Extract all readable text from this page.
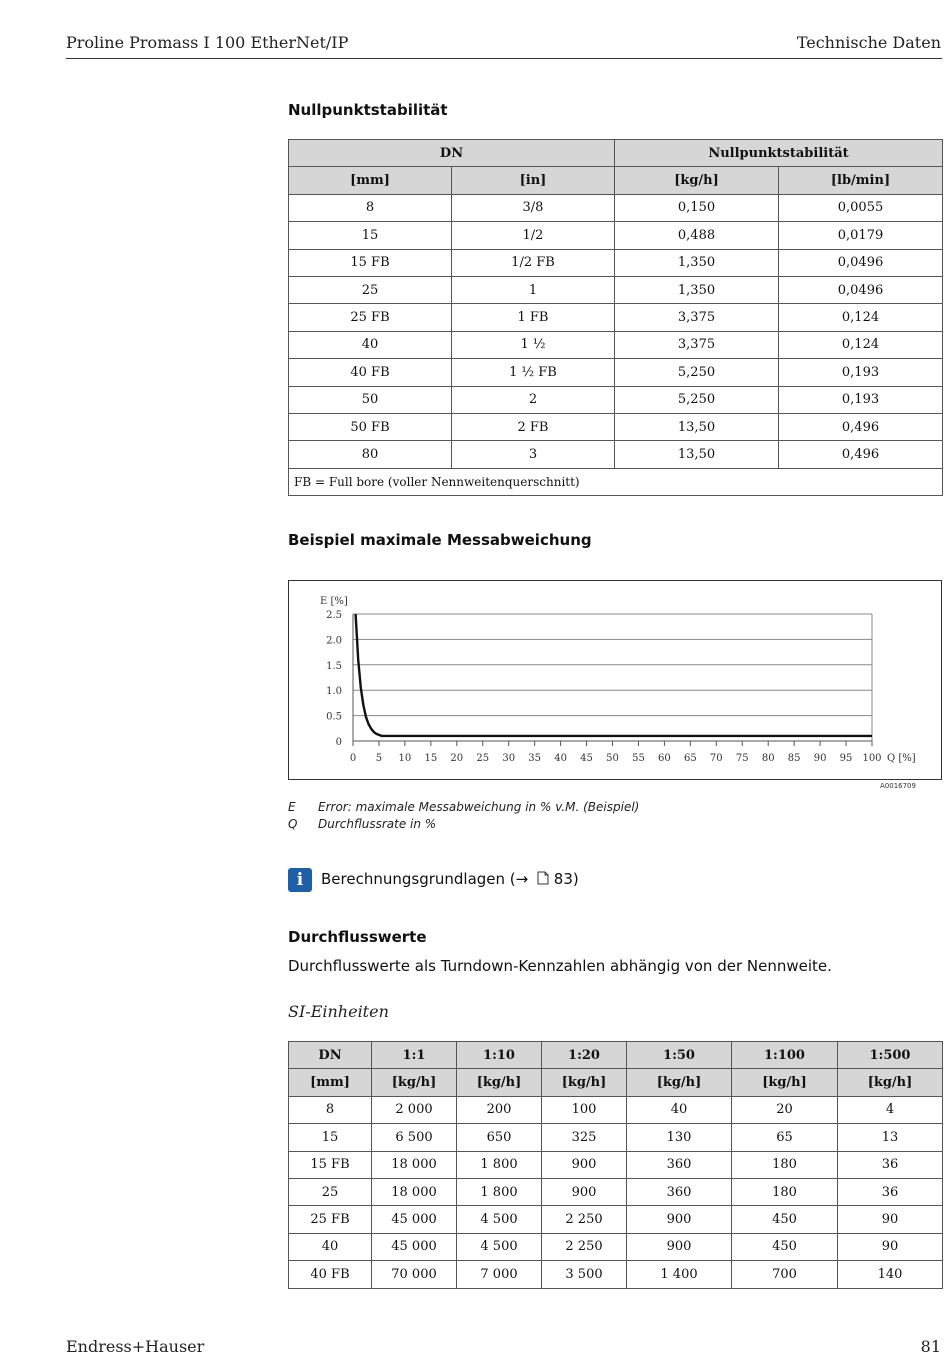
Proline Promass I 100 EtherNet/IP	Technische Daten
Nullpunktstabilität
DN		Nullpunktstabilität	
[mm]	[in]	[kg/h]	[lb/min]
8	3/8	0,150	0,0055
15	1/2	0,488	0,0179
15 FB	1/2 FB	1,350	0,0496
25	1	1,350	0,0496
25 FB	1 FB	3,375	0,124
40	1 ½	3,375	0,124
40 FB	1 ½ FB	5,250	0,193
50	2	5,250	0,193
50 FB	2 FB	13,50	0,496
80	3	13,50	0,496
FB = Full bore (voller Nennweitenquerschnitt)			
Beispiel maximale Messabweichung
0
0.5
1.0
1.5
2.0
2.5
0 5 10 15 20 25 30 35 40 45 50 55 60 65 70 75 80 85 90 95 100
E [%]
Q [%]
A0016709
E Error: maximale Messabweichung in % v.M. (Beispiel)
Q Durchflussrate in %
i	Berechnungsgrundlagen (→ 83)
Durchflusswerte
Durchflusswerte als Turndown-Kennzahlen abhängig von der Nennweite.
SI-Einheiten
DN	1:1	1:10	1:20	1:50	1:100	1:500
[mm]	[kg/h]	[kg/h]	[kg/h]	[kg/h]	[kg/h]	[kg/h]
8	2 000	200	100	40	20	4
15	6 500	650	325	130	65	13
15 FB	18 000	1 800	900	360	180	36
25	18 000	1 800	900	360	180	36
25 FB	45 000	4 500	2 250	900	450	90
40	45 000	4 500	2 250	900	450	90
40 FB	70 000	7 000	3 500	1 400	700	140
Endress+Hauser	81
